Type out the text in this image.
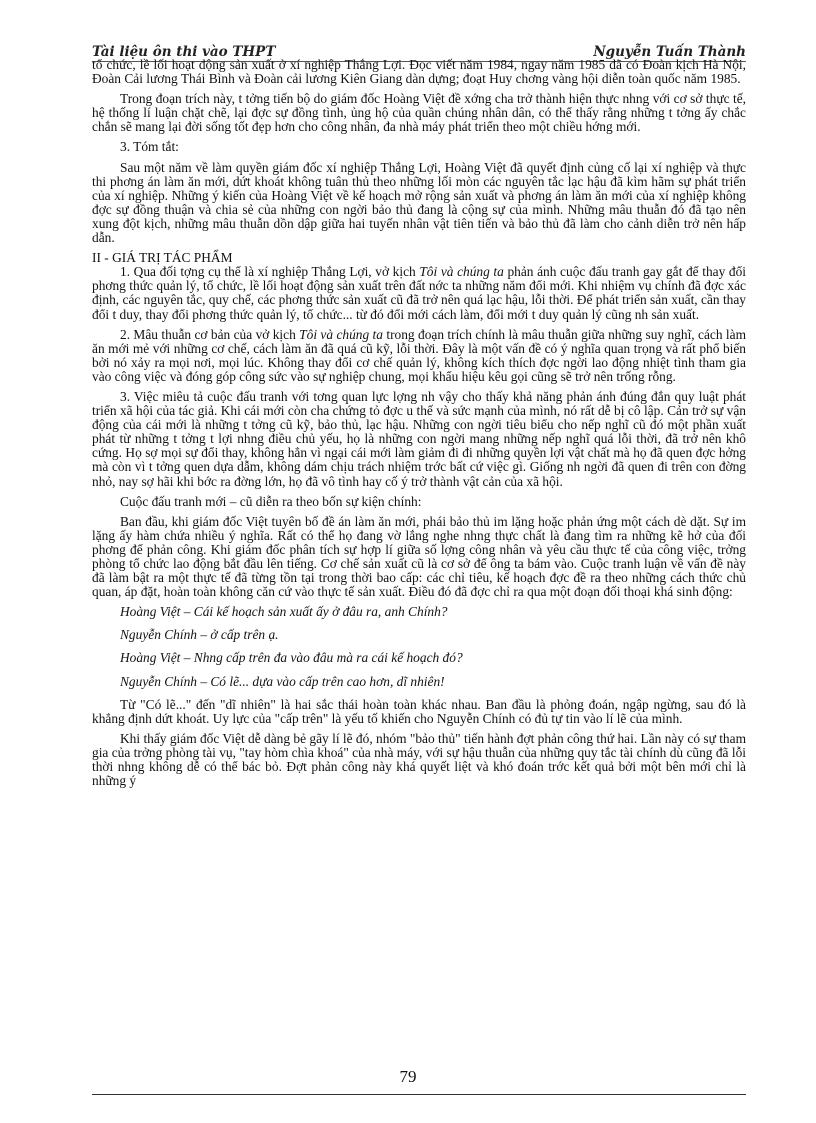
Tài liệu ôn thi vào THPT	Nguyễn Tuấn Thành

tổ chức, lề lối hoạt động sản xuất ở xí nghiệp Thắng Lợi. Đọc viết năm 1984, ngay năm 1985 đã có Đoàn kịch Hà Nội, Đoàn Cải lương Thái Bình và Đoàn cải lương Kiên Giang dàn dựng; đoạt Huy chơng vàng hội diễn toàn quốc năm 1985.

Trong đoạn trích này, t tởng tiến bộ do giám đốc Hoàng Việt đề xớng cha trở thành hiện thực nhng với cơ sở thực tế, hệ thống lí luận chặt chẽ, lại đợc sự đồng tình, ủng hộ của quần chúng nhân dân, có thể thấy rằng những t tởng ấy chắc chắn sẽ mang lại đời sống tốt đẹp hơn cho công nhân, đa nhà máy phát triển theo một chiều hớng mới.

3. Tóm tắt:

Sau một năm về làm quyền giám đốc xí nghiệp Thắng Lợi, Hoàng Việt đã quyết định củng cố lại xí nghiệp và thực thi phơng án làm ăn mới, dứt khoát không tuân thủ theo những lối mòn các nguyên tắc lạc hậu đã kìm hãm sự phát triển của xí nghiệp. Những ý kiến của Hoàng Việt về kế hoạch mở rộng sản xuất và phơng án làm ăn mới của xí nghiệp không đợc sự đồng thuận và chia sẻ của những con ngời bảo thủ đang là cộng sự của mình. Những mâu thuẫn đó đã tạo nên xung đột kịch, những mâu thuẫn dồn dập giữa hai tuyến nhân vật tiên tiến và bảo thủ đã làm cho cảnh diễn trở nên hấp dẫn.

II - GIÁ TRỊ TÁC PHẨM

1. Qua đối tợng cụ thể là xí nghiệp Thắng Lợi, vở kịch Tôi và chúng ta phản ánh cuộc đấu tranh gay gắt để thay đổi phơng thức quản lý, tổ chức, lề lối hoạt động sản xuất trên đất nớc ta những năm đổi mới. Khi nhiệm vụ chính đã đợc xác định, các nguyên tắc, quy chế, các phơng thức sản xuất cũ đã trở nên quá lạc hậu, lỗi thời. Để phát triển sản xuất, cần thay đổi t duy, thay đổi phơng thức quản lý, tổ chức... từ đó đổi mới cách làm, đổi mới t duy quản lý cũng nh sản xuất.

2. Mâu thuẫn cơ bản của vở kịch Tôi và chúng ta trong đoạn trích chính là mâu thuẫn giữa những suy nghĩ, cách làm ăn mới mẻ với những cơ chế, cách làm ăn đã quá cũ kỹ, lỗi thời. Đây là một vấn đề có ý nghĩa quan trọng và rất phổ biến bởi nó xảy ra mọi nơi, mọi lúc. Không thay đổi cơ chế quản lý, không kích thích đợc ngời lao động nhiệt tình tham gia vào công việc và đóng góp công sức vào sự nghiệp chung, mọi khẩu hiệu kêu gọi cũng sẽ trở nên trống rỗng.

3. Việc miêu tả cuộc đấu tranh với tơng quan lực lợng nh vậy cho thấy khả năng phản ánh đúng đắn quy luật phát triển xã hội của tác giả. Khi cái mới còn cha chứng tỏ đợc u thế và sức mạnh của mình, nó rất dễ bị cô lập. Cản trở sự vận động của cái mới là những t tởng cũ kỹ, bảo thủ, lạc hậu. Những con ngời tiêu biểu cho nếp nghĩ cũ đó một phần xuất phát từ những t tởng t lợi nhng điều chủ yếu, họ là những con ngời mang những nếp nghĩ quá lỗi thời, đã trở nên khô cứng. Họ sợ mọi sự đổi thay, không hẳn vì ngại cái mới làm giảm đi đi những quyền lợi vật chất mà họ đã quen đợc hởng mà còn vì t tởng quen dựa dẫm, không dám chịu trách nhiệm trớc bất cứ việc gì. Giống nh ngời đã quen đi trên con đờng nhỏ, nay sợ hãi khi bớc ra đờng lớn, họ đã vô tình hay cố ý trở thành vật cản của xã hội.

Cuộc đấu tranh mới – cũ diễn ra theo bốn sự kiện chính:

Ban đầu, khi giám đốc Việt tuyên bố đề án làm ăn mới, phái bảo thủ im lặng hoặc phản ứng một cách dè dặt. Sự im lặng ấy hàm chứa nhiều ý nghĩa. Rất có thể họ đang vờ lắng nghe nhng thực chất là đang tìm ra những kẽ hở của đối phơng để phản công. Khi giám đốc phân tích sự hợp lí giữa số lợng công nhân và yêu cầu thực tế của công việc, trởng phòng tổ chức lao động bắt đầu lên tiếng. Cơ chế sản xuất cũ là cơ sở để ông ta bám vào. Cuộc tranh luận về vấn đề này đã làm bật ra một thực tế đã từng tồn tại trong thời bao cấp: các chỉ tiêu, kế hoạch đợc đề ra theo những cách thức chủ quan, áp đặt, hoàn toàn không căn cứ vào thực tế sản xuất. Điều đó đã đợc chỉ ra qua một đoạn đối thoại khá sinh động:

Hoàng Việt – Cái kế hoạch sản xuất ấy ở đâu ra, anh Chính?

Nguyễn Chính – ở cấp trên ạ.

Hoàng Việt – Nhng cấp trên đa vào đâu mà ra cái kế hoạch đó?

Nguyễn Chính – Có lẽ... dựa vào cấp trên cao hơn, dĩ nhiên!

Từ "Có lẽ..." đến "dĩ nhiên" là hai sắc thái hoàn toàn khác nhau. Ban đầu là phỏng đoán, ngập ngừng, sau đó là khẳng định dứt khoát. Uy lực của "cấp trên" là yếu tố khiến cho Nguyễn Chính có đủ tự tin vào lí lẽ của mình.

Khi thấy giám đốc Việt dễ dàng bẻ gãy lí lẽ đó, nhóm "bảo thủ" tiến hành đợt phản công thứ hai. Lần này có sự tham gia của trởng phòng tài vụ, "tay hòm chìa khoá" của nhà máy, với sự hậu thuẫn của những quy tắc tài chính dù cũng đã lỗi thời nhng không dễ có thể bác bỏ. Đợt phản công này khá quyết liệt và khó đoán trớc kết quả bởi một bên mới chỉ là những ý

79
